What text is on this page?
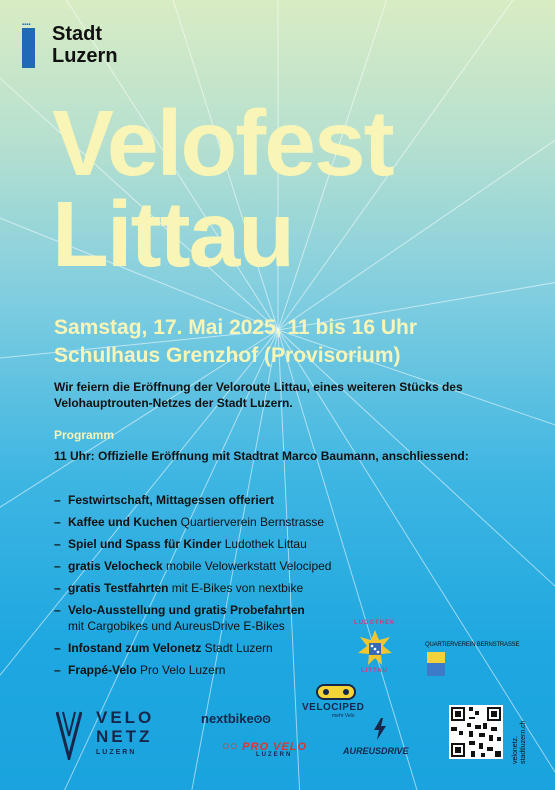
▪▪▪▪ Stadt
Luzern
Velofest
Littau
Samstag, 17. Mai 2025, 11 bis 16 Uhr
Schulhaus Grenzhof (Provisorium)
Wir feiern die Eröffnung der Veloroute Littau, eines weiteren Stücks des Velohauptrouten-Netzes der Stadt Luzern.
Programm
11 Uhr: Offizielle Eröffnung mit Stadtrat Marco Baumann, anschliessend:
– Festwirtschaft, Mittagessen offeriert
– Kaffee und Kuchen Quartierverein Bernstrasse
– Spiel und Spass für Kinder Ludothek Littau
– gratis Velocheck mobile Velowerkstatt Velociped
– gratis Testfahrten mit E-Bikes von nextbike
– Velo-Ausstellung und gratis Probefahrten
mit Cargobikes und AureusDrive E-Bikes
– Infostand zum Velonetz Stadt Luzern
– Frappé-Velo Pro Velo Luzern
LUDOTHEK
LITTAU
QUARTIERVEREIN BERNSTRASSE
VELO
NETZ
LUZERN
nextbikeʘʘ
VELOCIPED
mehr Velo
○○ PRO VELO
LUZERN	AUREUSDRIVE	velonetz.
stadtluzern.ch
